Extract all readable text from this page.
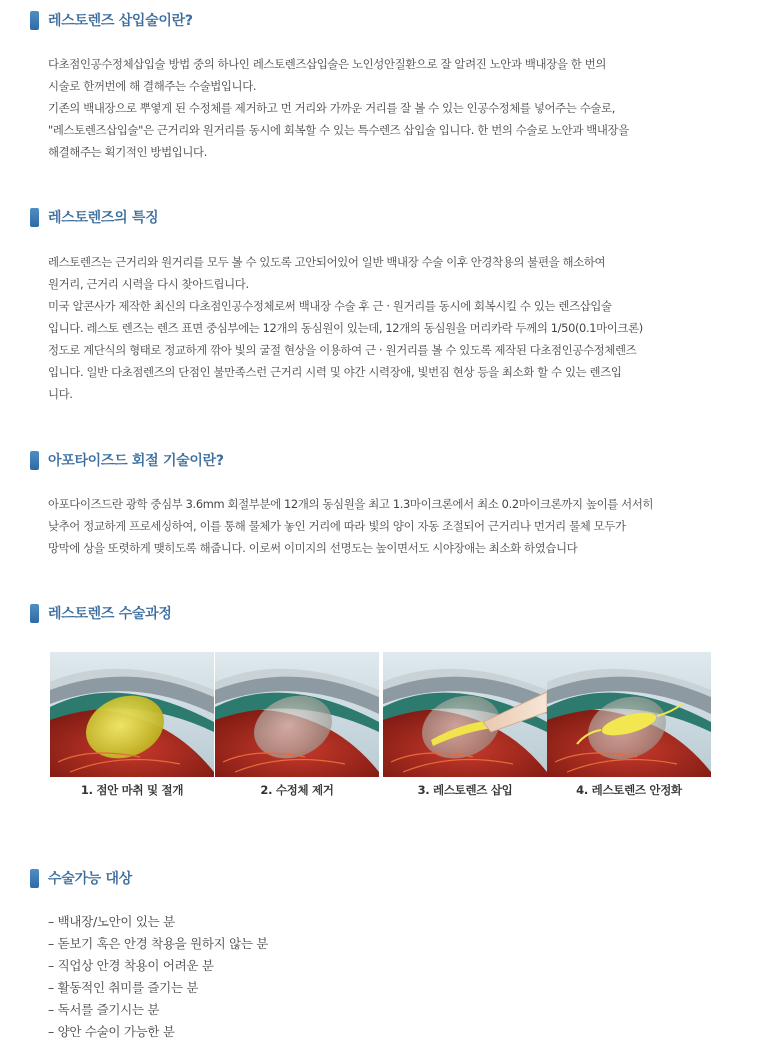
레스토렌즈 삽입술이란?
다초점인공수정체삽입술 방법 중의 하나인 레스토렌즈삽입술은 노인성안질환으로 잘 알려진 노안과 백내장을 한 번의
시술로 한꺼번에 해 결해주는 수술법입니다.
기존의 백내장으로 뿌옇게 된 수정체를 제거하고 먼 거리와 가까운 거리를 잘 볼 수 있는 인공수정체를 넣어주는 수술로,
"레스토렌즈삽입술"은 근거리와 원거리를 동시에 회복할 수 있는 특수렌즈 삽입술 입니다. 한 번의 수술로 노안과 백내장을
해결해주는 획기적인 방법입니다.
레스토렌즈의 특징
레스토렌즈는 근거리와 원거리를 모두 볼 수 있도록 고안되어있어 일반 백내장 수술 이후 안경착용의 불편을 해소하여
원거리, 근거리 시력을 다시 찾아드립니다.
미국 알콘사가 제작한 최신의 다초점인공수정체로써 백내장 수술 후 근 · 원거리를 동시에 회복시킬 수 있는 렌즈삽입술
입니다. 레스토 렌즈는 렌즈 표면 중심부에는 12개의 동심원이 있는데, 12개의 동심원을 머리카락 두께의 1/50(0.1마이크론)
정도로 계단식의 형태로 정교하게 깎아 빛의 굴절 현상을 이용하여 근 · 원거리를 볼 수 있도록 제작된 다초점인공수정체렌즈
입니다. 일반 다초점렌즈의 단점인 불만족스런 근거리 시력 및 야간 시력장애, 빛번짐 현상 등을 최소화 할 수 있는 렌즈입
니다.
아포타이즈드 회절 기술이란?
아포다이즈드란 광학 중심부 3.6mm 회절부분에 12개의 동심원을 최고 1.3마이크론에서 최소 0.2마이크론까지 높이를 서서히
낮추어 정교하게 프로세싱하여, 이를 통해 물체가 놓인 거리에 따라 빛의 양이 자동 조절되어 근거리나 먼거리 물체 모두가
망막에 상을 또렷하게 맺히도록 해줍니다. 이로써 이미지의 선명도는 높이면서도 시야장애는 최소화 하였습니다
레스토렌즈 수술과정
1. 점안 마취 및 절개	2. 수정체 제거	3. 레스토렌즈 삽입	4. 레스토렌즈 안정화
수술가능 대상
– 백내장/노안이 있는 분
– 돋보기 혹은 안경 착용을 원하지 않는 분
– 직업상 안경 착용이 어려운 분
– 활동적인 취미를 즐기는 분
– 독서를 즐기시는 분
– 양안 수술이 가능한 분
